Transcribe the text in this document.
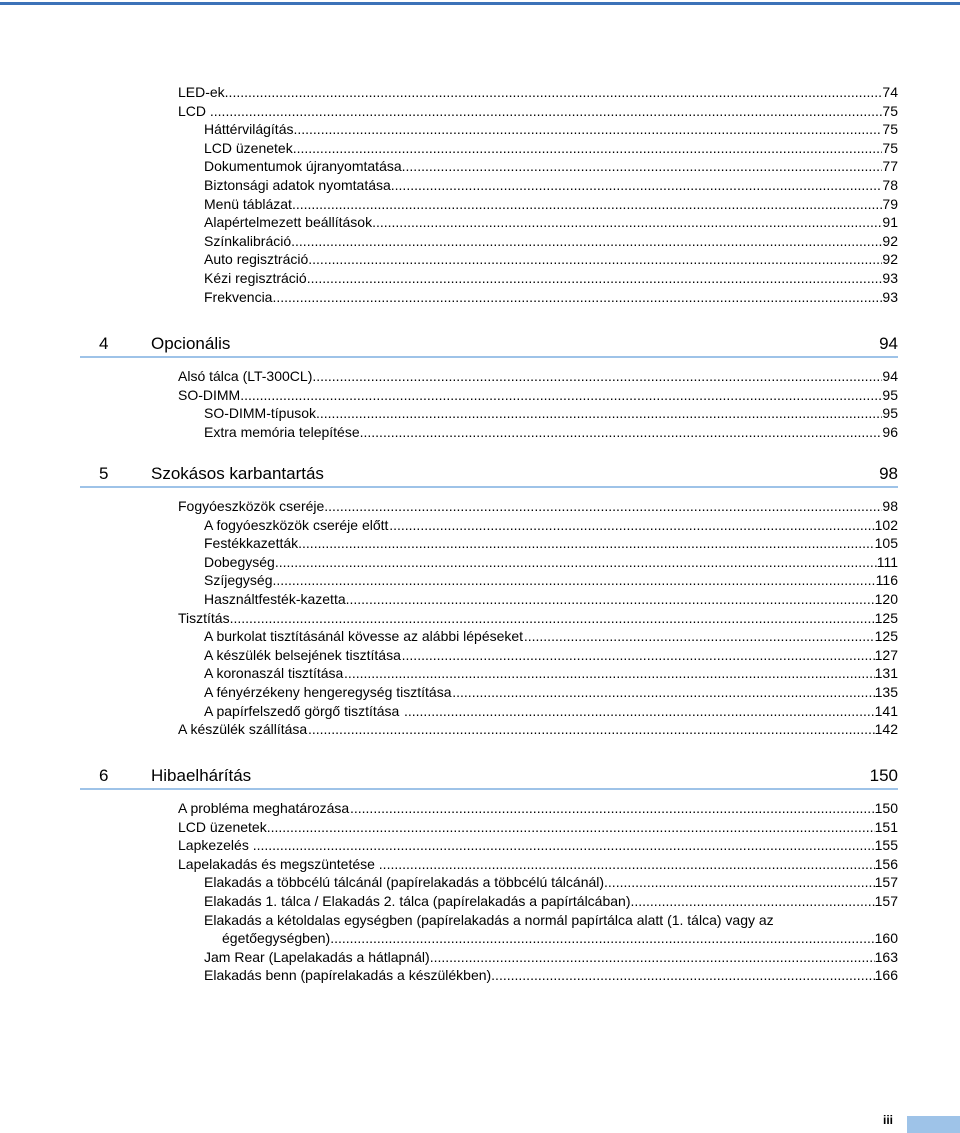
LED-ek .....	74
LCD .....	75
Háttérvilágítás .....	75
LCD üzenetek .....	75
Dokumentumok újranyomtatása .....	77
Biztonsági adatok nyomtatása .....	78
Menü táblázat .....	79
Alapértelmezett beállítások .....	91
Színkalibráció .....	92
Auto regisztráció .....	92
Kézi regisztráció .....	93
Frekvencia .....	93
4	Opcionális	94
Alsó tálca (LT-300CL) .....	94
SO-DIMM .....	95
SO-DIMM-típusok .....	95
Extra memória telepítése .....	96
5	Szokásos karbantartás	98
Fogyóeszközök cseréje .....	98
A fogyóeszközök cseréje előtt .....	102
Festékkazetták .....	105
Dobegység .....	111
Szíjegység .....	116
Használtfesték-kazetta .....	120
Tisztítás .....	125
A burkolat tisztításánál kövesse az alábbi lépéseket .....	125
A készülék belsejének tisztítása .....	127
A koronaszál tisztítása .....	131
A fényérzékeny hengeregység tisztítása .....	135
A papírfelszedő görgő tisztítása .....	141
A készülék szállítása .....	142
6	Hibaelhárítás	150
A probléma meghatározása .....	150
LCD üzenetek .....	151
Lapkezelés .....	155
Lapelakadás és megszüntetése .....	156
Elakadás a többcélú tálcánál (papírelakadás a többcélú tálcánál) .....	157
Elakadás 1. tálca / Elakadás 2. tálca (papírelakadás a papírtálcában) .....	157
Elakadás a kétoldalas egységben (papírelakadás a normál papírtálca alatt (1. tálca) vagy az
égetőegységben) .....	160
Jam Rear (Lapelakadás a hátlapnál) .....	163
Elakadás benn (papírelakadás a készülékben) .....	166
iii
